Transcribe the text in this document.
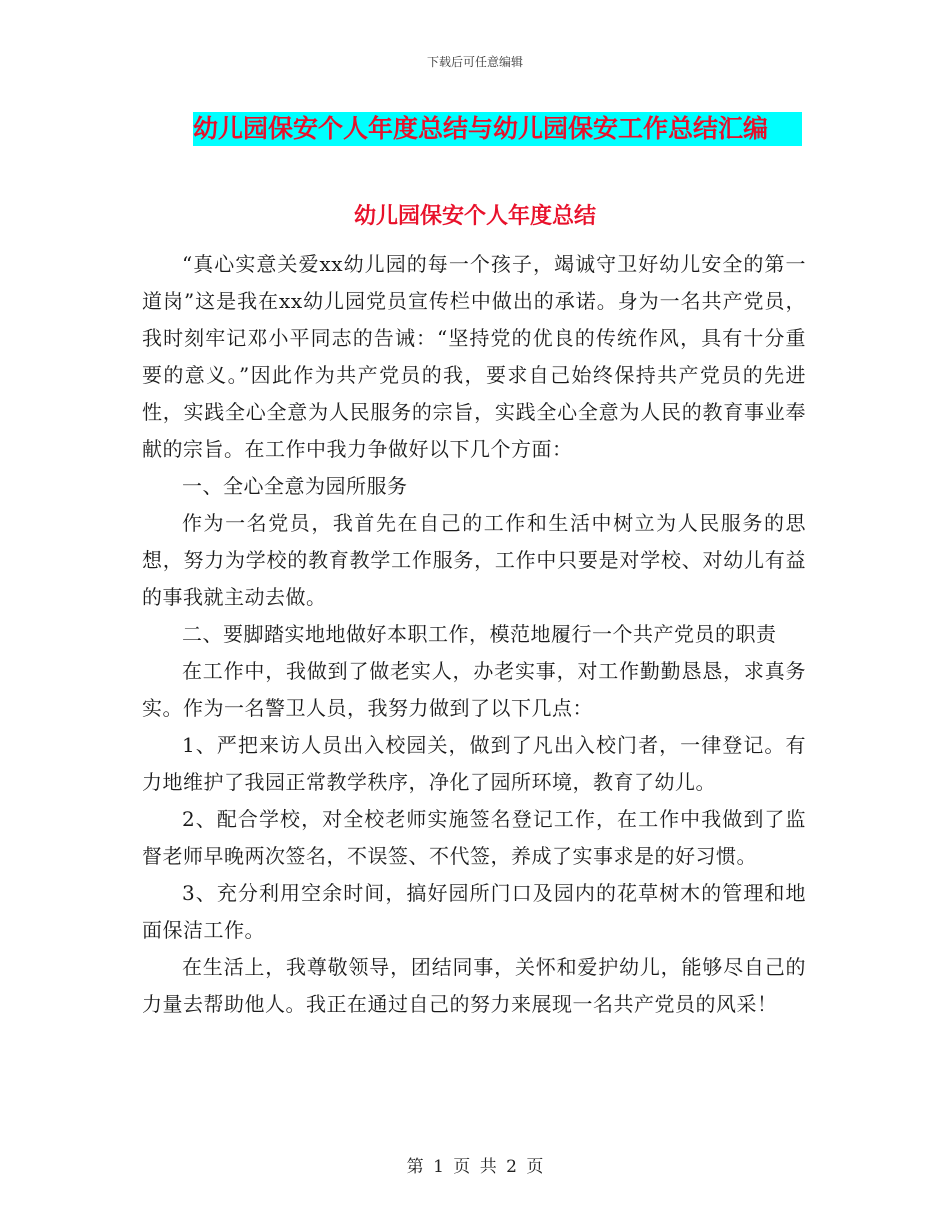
下载后可任意编辑
幼儿园保安个人年度总结与幼儿园保安工作总结汇编
幼儿园保安个人年度总结

“真心实意关爱xx幼儿园的每一个孩子，竭诚守卫好幼儿安全的第一道岗”这是我在xx幼儿园党员宣传栏中做出的承诺。身为一名共产党员，我时刻牢记邓小平同志的告诫：“坚持党的优良的传统作风，具有十分重要的意义。”因此作为共产党员的我，要求自己始终保持共产党员的先进性，实践全心全意为人民服务的宗旨，实践全心全意为人民的教育事业奉献的宗旨。在工作中我力争做好以下几个方面：

一、全心全意为园所服务

作为一名党员，我首先在自己的工作和生活中树立为人民服务的思想，努力为学校的教育教学工作服务，工作中只要是对学校、对幼儿有益的事我就主动去做。

二、要脚踏实地地做好本职工作，模范地履行一个共产党员的职责

在工作中，我做到了做老实人，办老实事，对工作勤勤恳恳，求真务实。作为一名警卫人员，我努力做到了以下几点：

1、严把来访人员出入校园关，做到了凡出入校门者，一律登记。有力地维护了我园正常教学秩序，净化了园所环境，教育了幼儿。

2、配合学校，对全校老师实施签名登记工作，在工作中我做到了监督老师早晚两次签名，不误签、不代签，养成了实事求是的好习惯。

3、充分利用空余时间，搞好园所门口及园内的花草树木的管理和地面保洁工作。

在生活上，我尊敬领导，团结同事，关怀和爱护幼儿，能够尽自己的力量去帮助他人。我正在通过自己的努力来展现一名共产党员的风采！

第 1 页 共 2 页
